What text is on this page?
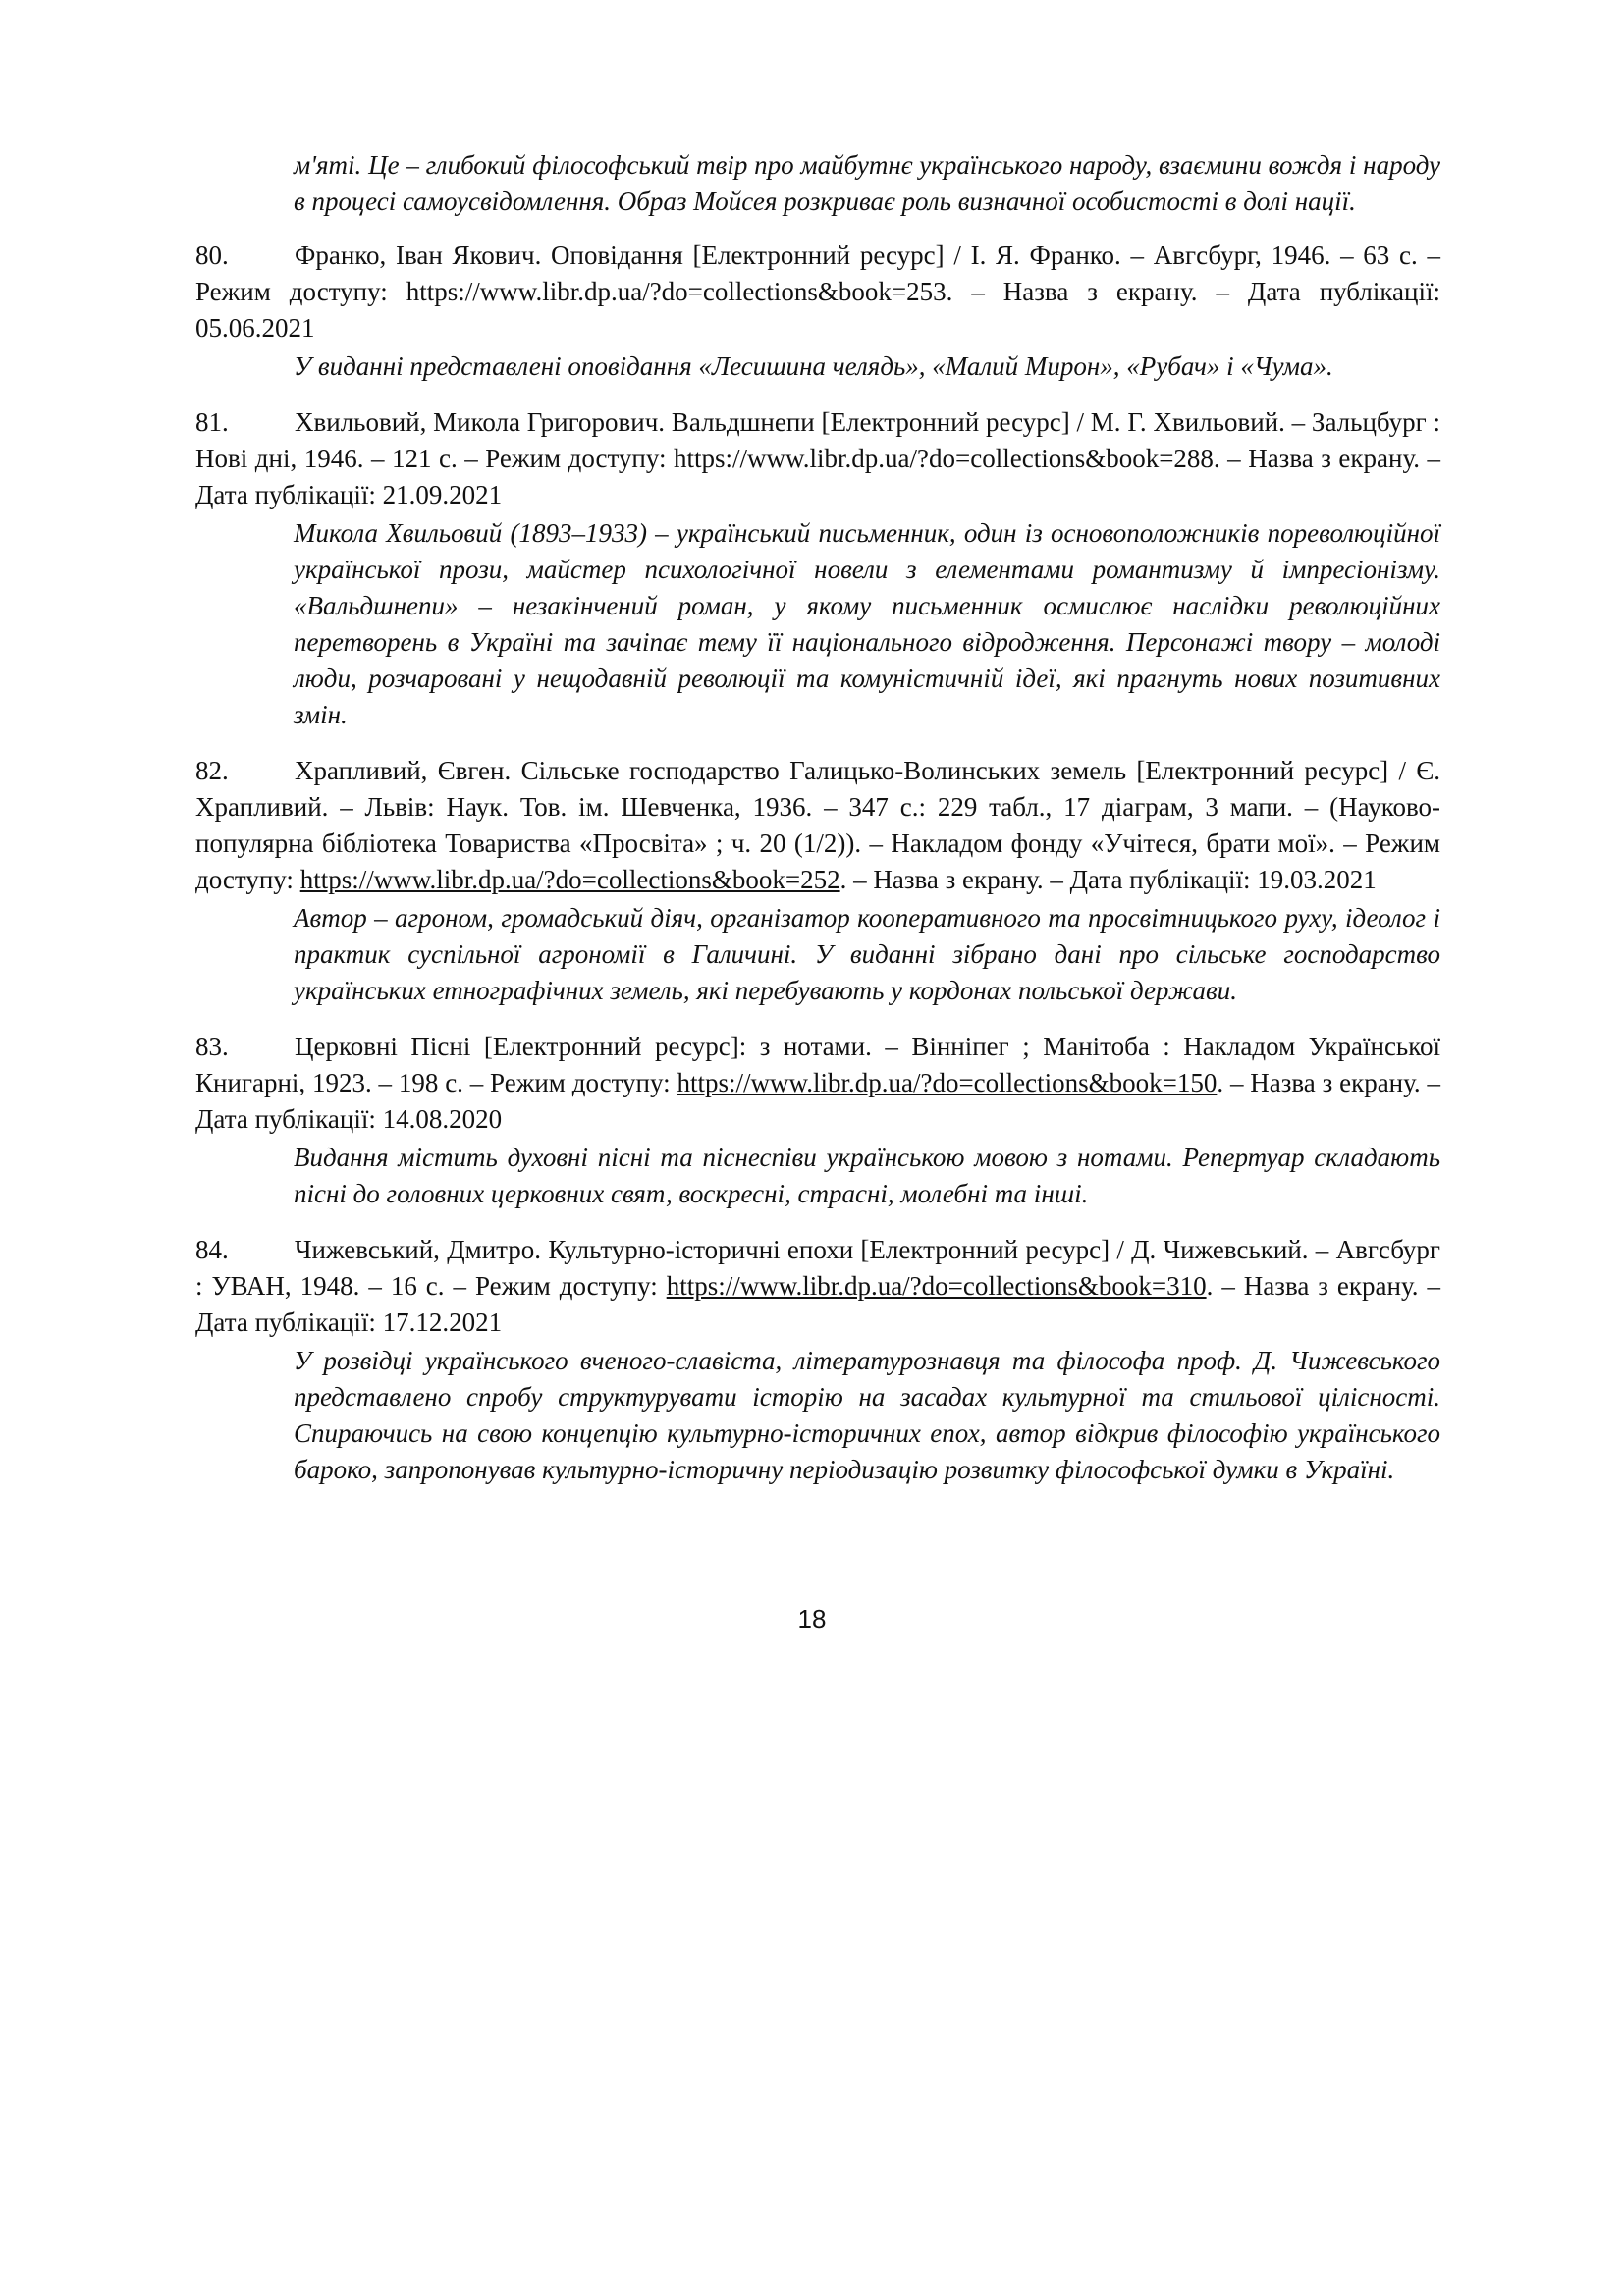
м'яті. Це – глибокий філософський твір про майбутнє українського народу, взаємини вождя і народу в процесі самоусвідомлення. Образ Мойсея розкриває роль визначної особистості в долі нації.

80. Франко, Іван Якович. Оповідання [Електронний ресурс] / І. Я. Франко. – Авгсбург, 1946. – 63 с. – Режим доступу: https://www.libr.dp.ua/?do=collections&book=253. – Назва з екрану. – Дата публікації: 05.06.2021

У виданні представлені оповідання «Лесишина челядь», «Малий Мирон», «Рубач» і «Чума».

81. Хвильовий, Микола Григорович. Вальдшнепи [Електронний ресурс] / М. Г. Хвильовий. – Зальцбург : Нові дні, 1946. – 121 с. – Режим доступу: https://www.libr.dp.ua/?do=collections&book=288. – Назва з екрану. – Дата публікації: 21.09.2021

Микола Хвильовий (1893–1933) – український письменник, один із основоположників пореволюційної української прози, майстер психологічної новели з елементами романтизму й імпресіонізму. «Вальдшнепи» – незакінчений роман, у якому письменник осмислює наслідки революційних перетворень в Україні та зачіпає тему її національного відродження. Персонажі твору – молоді люди, розчаровані у нещодавній революції та комуністичній ідеї, які прагнуть нових позитивних змін.

82. Храпливий, Євген. Сільське господарство Галицько-Волинських земель [Електронний ресурс] / Є. Храпливий. – Львів: Наук. Тов. ім. Шевченка, 1936. – 347 с.: 229 табл., 17 діаграм, 3 мапи. – (Науково-популярна бібліотека Товариства «Просвіта» ; ч. 20 (1/2)). – Накладом фонду «Учітеся, брати мої». – Режим доступу: https://www.libr.dp.ua/?do=collections&book=252. – Назва з екрану. – Дата публікації: 19.03.2021

Автор – агроном, громадський діяч, організатор кооперативного та просвітницького руху, ідеолог і практик суспільної агрономії в Галичині. У виданні зібрано дані про сільське господарство українських етнографічних земель, які перебувають у кордонах польської держави.

83. Церковні Пісні [Електронний ресурс]: з нотами. – Вінніпег ; Манітоба : Накладом Української Книгарні, 1923. – 198 с. – Режим доступу: https://www.libr.dp.ua/?do=collections&book=150. – Назва з екрану. – Дата публікації: 14.08.2020

Видання містить духовні пісні та піснеспіви українською мовою з нотами. Репертуар складають пісні до головних церковних свят, воскресні, страсні, молебні та інші.

84. Чижевський, Дмитро. Культурно-історичні епохи [Електронний ресурс] / Д. Чижевський. – Авгсбург : УВАН, 1948. – 16 с. – Режим доступу: https://www.libr.dp.ua/?do=collections&book=310. – Назва з екрану. – Дата публікації: 17.12.2021

У розвідці українського вченого-славіста, літературознавця та філософа проф. Д. Чижевського представлено спробу структурувати історію на засадах культурної та стильової цілісності. Спираючись на свою концепцію культурно-історичних епох, автор відкрив філософію українського бароко, запропонував культурно-історичну періодизацію розвитку філософської думки в Україні.

18
